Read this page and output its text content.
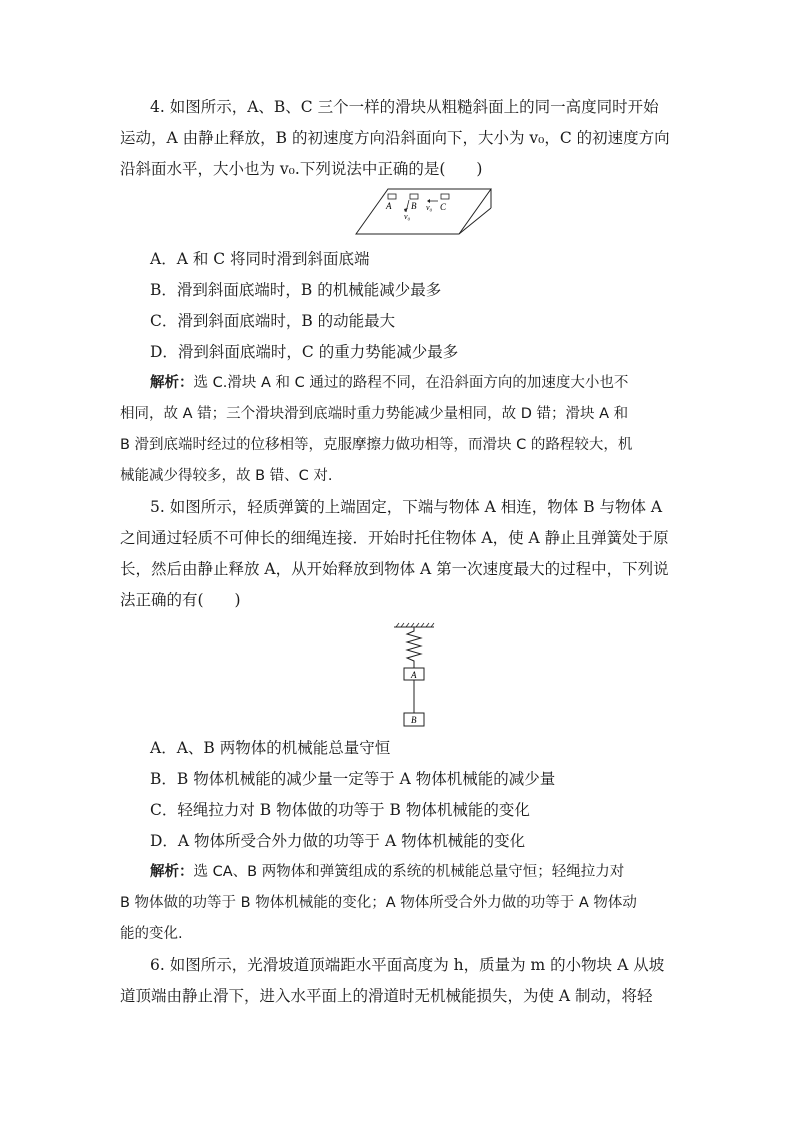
4. 如图所示，A、B、C 三个一样的滑块从粗糙斜面上的同一高度同时开始
运动，A 由静止释放，B 的初速度方向沿斜面向下，大小为 v₀，C 的初速度方向
沿斜面水平，大小也为 v₀.下列说法中正确的是(　　)
A B
v₀
v₀ C
A．A 和 C 将同时滑到斜面底端
B．滑到斜面底端时，B 的机械能减少最多
C．滑到斜面底端时，B 的动能最大
D．滑到斜面底端时，C 的重力势能减少最多
解析：选 C.滑块 A 和 C 通过的路程不同，在沿斜面方向的加速度大小也不
相同，故 A 错；三个滑块滑到底端时重力势能减少量相同，故 D 错；滑块 A 和
B 滑到底端时经过的位移相等，克服摩擦力做功相等，而滑块 C 的路程较大，机
械能减少得较多，故 B 错、C 对.
5. 如图所示，轻质弹簧的上端固定，下端与物体 A 相连，物体 B 与物体 A
之间通过轻质不可伸长的细绳连接．开始时托住物体 A，使 A 静止且弹簧处于原
长，然后由静止释放 A，从开始释放到物体 A 第一次速度最大的过程中，下列说
法正确的有(　　)
A
B
A．A、B 两物体的机械能总量守恒
B．B 物体机械能的减少量一定等于 A 物体机械能的减少量
C．轻绳拉力对 B 物体做的功等于 B 物体机械能的变化
D．A 物体所受合外力做的功等于 A 物体机械能的变化
解析：选 CA、B 两物体和弹簧组成的系统的机械能总量守恒；轻绳拉力对
B 物体做的功等于 B 物体机械能的变化；A 物体所受合外力做的功等于 A 物体动
能的变化.
6. 如图所示，光滑坡道顶端距水平面高度为 h，质量为 m 的小物块 A 从坡
道顶端由静止滑下，进入水平面上的滑道时无机械能损失，为使 A 制动，将轻
